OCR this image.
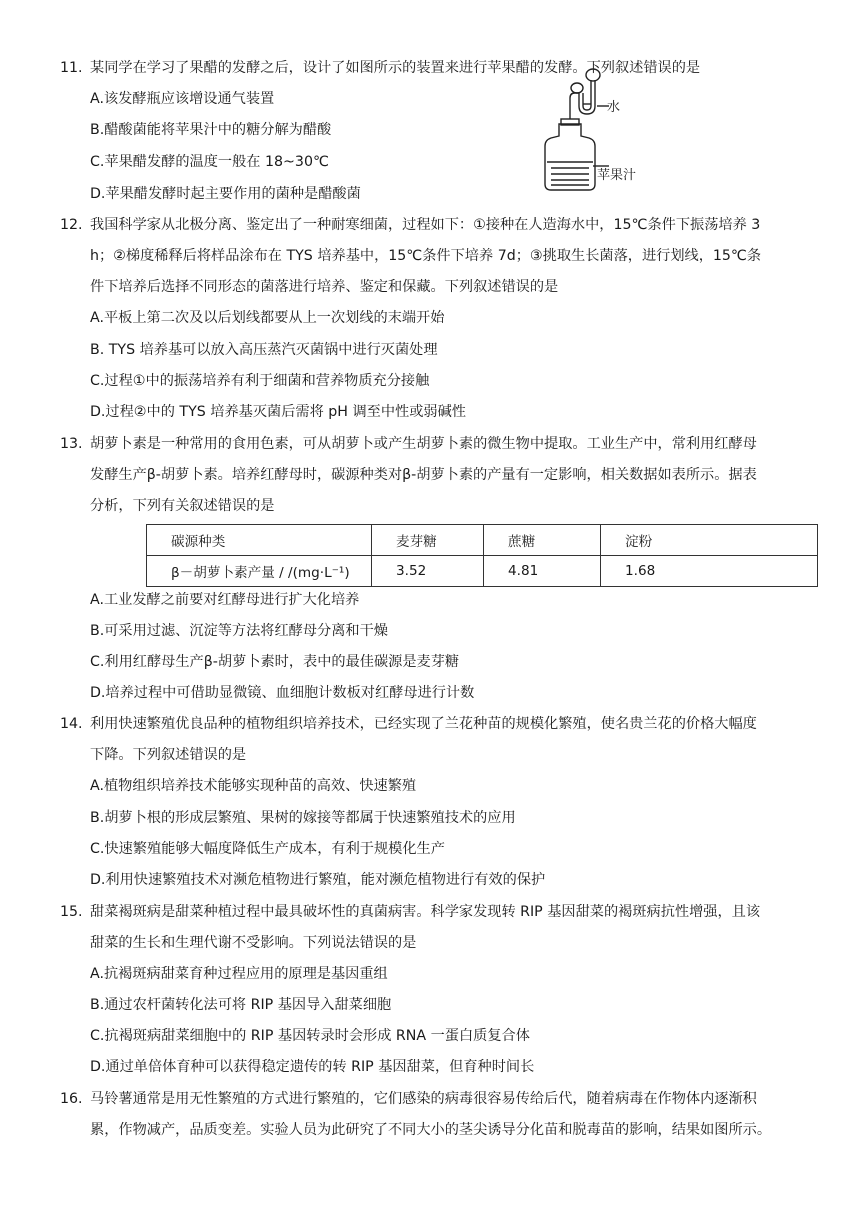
11. 某同学在学习了果醋的发酵之后，设计了如图所示的装置来进行苹果醋的发酵。下列叙述错误的是
A.该发酵瓶应该增设通气装置
B.醋酸菌能将苹果汁中的糖分解为醋酸
C.苹果醋发酵的温度一般在 18~30℃
D.苹果醋发酵时起主要作用的菌种是醋酸菌
水
苹果汁
12. 我国科学家从北极分离、鉴定出了一种耐寒细菌，过程如下：①接种在人造海水中，15℃条件下振荡培养 3
h；②梯度稀释后将样品涂布在 TYS 培养基中，15℃条件下培养 7d；③挑取生长菌落，进行划线，15℃条
件下培养后选择不同形态的菌落进行培养、鉴定和保藏。下列叙述错误的是
A.平板上第二次及以后划线都要从上一次划线的末端开始
B. TYS 培养基可以放入高压蒸汽灭菌锅中进行灭菌处理
C.过程①中的振荡培养有利于细菌和营养物质充分接触
D.过程②中的 TYS 培养基灭菌后需将 pH 调至中性或弱碱性
13. 胡萝卜素是一种常用的食用色素，可从胡萝卜或产生胡萝卜素的微生物中提取。工业生产中，常利用红酵母
发酵生产β-胡萝卜素。培养红酵母时，碳源种类对β-胡萝卜素的产量有一定影响，相关数据如表所示。据表
分析，下列有关叙述错误的是
碳源种类	麦芽糖	蔗糖	淀粉
β－胡萝卜素产量 / /(mg·L⁻¹)	3.52	4.81	1.68
A.工业发酵之前要对红酵母进行扩大化培养
B.可采用过滤、沉淀等方法将红酵母分离和干燥
C.利用红酵母生产β-胡萝卜素时，表中的最佳碳源是麦芽糖
D.培养过程中可借助显微镜、血细胞计数板对红酵母进行计数
14. 利用快速繁殖优良品种的植物组织培养技术，已经实现了兰花种苗的规模化繁殖，使名贵兰花的价格大幅度
下降。下列叙述错误的是
A.植物组织培养技术能够实现种苗的高效、快速繁殖
B.胡萝卜根的形成层繁殖、果树的嫁接等都属于快速繁殖技术的应用
C.快速繁殖能够大幅度降低生产成本，有利于规模化生产
D.利用快速繁殖技术对濒危植物进行繁殖，能对濒危植物进行有效的保护
15. 甜菜褐斑病是甜菜种植过程中最具破坏性的真菌病害。科学家发现转 RIP 基因甜菜的褐斑病抗性增强，且该
甜菜的生长和生理代谢不受影响。下列说法错误的是
A.抗褐斑病甜菜育种过程应用的原理是基因重组
B.通过农杆菌转化法可将 RIP 基因导入甜菜细胞
C.抗褐斑病甜菜细胞中的 RIP 基因转录时会形成 RNA 一蛋白质复合体
D.通过单倍体育种可以获得稳定遗传的转 RIP 基因甜菜，但育种时间长
16. 马铃薯通常是用无性繁殖的方式进行繁殖的，它们感染的病毒很容易传给后代，随着病毒在作物体内逐渐积
累，作物减产，品质变差。实验人员为此研究了不同大小的茎尖诱导分化苗和脱毒苗的影响，结果如图所示。
